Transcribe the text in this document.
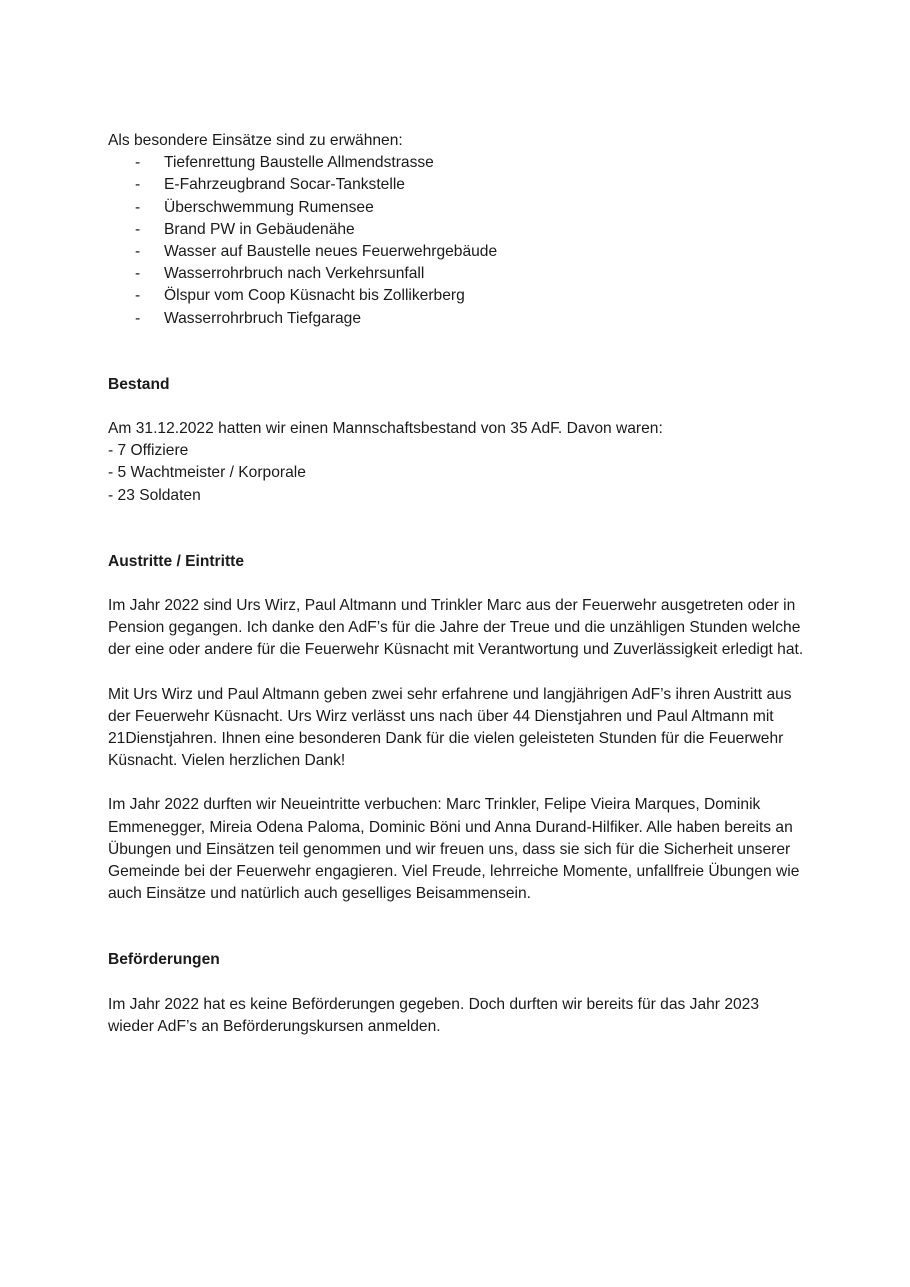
Als besondere Einsätze sind zu erwähnen:

- Tiefenrettung Baustelle Allmendstrasse
- E-Fahrzeugbrand Socar-Tankstelle
- Überschwemmung Rumensee
- Brand PW in Gebäudenähe
- Wasser auf Baustelle neues Feuerwehrgebäude
- Wasserrohrbruch nach Verkehrsunfall
- Ölspur vom Coop Küsnacht bis Zollikerberg
- Wasserrohrbruch Tiefgarage

Bestand

Am 31.12.2022 hatten wir einen Mannschaftsbestand von 35 AdF. Davon waren:

- 7 Offiziere
- 5 Wachtmeister / Korporale
- 23 Soldaten

Austritte / Eintritte

Im Jahr 2022 sind Urs Wirz, Paul Altmann und Trinkler Marc aus der Feuerwehr ausgetreten oder in Pension gegangen. Ich danke den AdF’s für die Jahre der Treue und die unzähligen Stunden welche der eine oder andere für die Feuerwehr Küsnacht mit Verantwortung und Zuverlässigkeit erledigt hat.

Mit Urs Wirz und Paul Altmann geben zwei sehr erfahrene und langjährigen AdF’s ihren Austritt aus der Feuerwehr Küsnacht. Urs Wirz verlässt uns nach über 44 Dienstjahren und Paul Altmann mit 21Dienstjahren. Ihnen eine besonderen Dank für die vielen geleisteten Stunden für die Feuerwehr Küsnacht. Vielen herzlichen Dank!

Im Jahr 2022 durften wir Neueintritte verbuchen: Marc Trinkler, Felipe Vieira Marques, Dominik Emmenegger, Mireia Odena Paloma, Dominic Böni und Anna Durand-Hilfiker. Alle haben bereits an Übungen und Einsätzen teil genommen und wir freuen uns, dass sie sich für die Sicherheit unserer Gemeinde bei der Feuerwehr engagieren. Viel Freude, lehrreiche Momente, unfallfreie Übungen wie auch Einsätze und natürlich auch geselliges Beisammensein.

Beförderungen

Im Jahr 2022 hat es keine Beförderungen gegeben. Doch durften wir bereits für das Jahr 2023 wieder AdF’s an Beförderungskursen anmelden.
